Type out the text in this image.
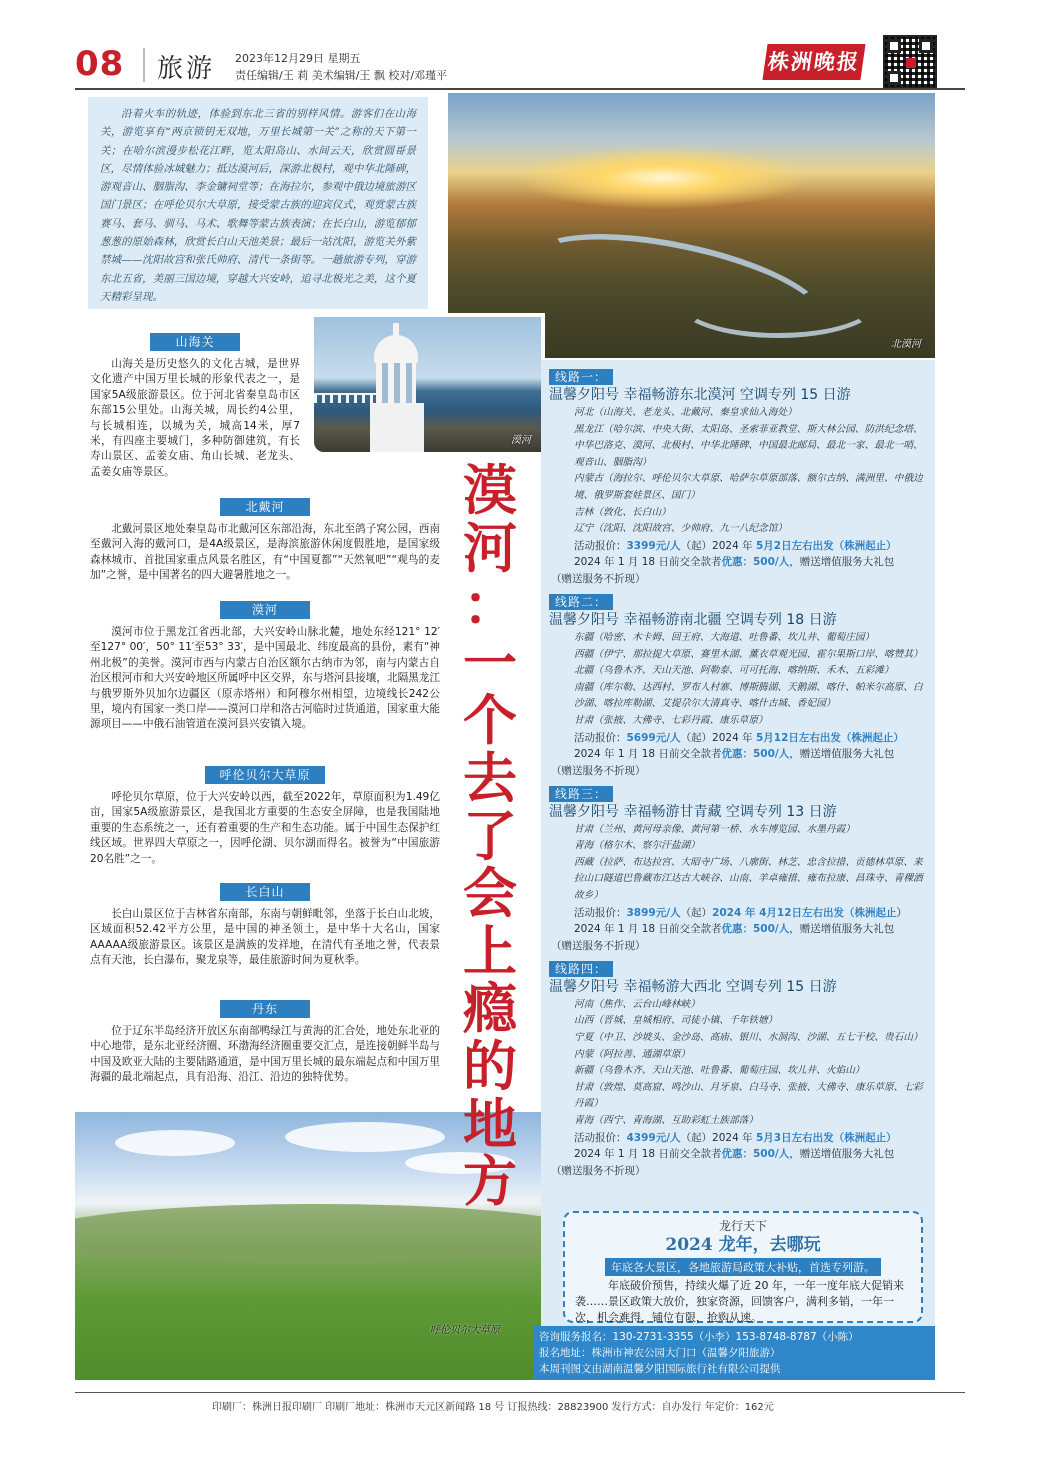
08 旅游 2023年12月29日 星期五
责任编辑/王 莉 美术编辑/王 飘 校对/邓瑾平
株洲晚报

沿着火车的轨迹，体验到东北三省的别样风情。游客们在山海关，游览享有“两京锁钥无双地，万里长城第一关”之称的天下第一关；在哈尔滨漫步松花江畔，览太阳岛山、水间云天，欣赏圆哥景区，尽情体验冰城魅力；抵达漠河后，深游北极村，观中华北陲碑，游观音山、胭脂沟、李金镛祠堂等；在海拉尔，参观中俄边境旅游区国门景区；在呼伦贝尔大草原，接受蒙古族的迎宾仪式，观赏蒙古族赛马、套马、驯马、马术、歌舞等蒙古族表演；在长白山，游览郁郁葱葱的原始森林，欣赏长白山天池美景；最后一站沈阳，游览关外紫禁城——沈阳故宫和张氏帅府、清代一条街等。一趟旅游专列，穿游东北五省，美丽三国边境，穿越大兴安岭，追寻北极光之美，这个夏天精彩呈现。

北漠河
漠河
山海关

山海关是历史悠久的文化古城，是世界文化遗产中国万里长城的形象代表之一，是国家5A级旅游景区。位于河北省秦皇岛市区东部15公里处。山海关城，周长约4公里，与长城相连，以城为关，城高14米，厚7米，有四座主要城门，多种防御建筑，有长寿山景区、孟姜女庙、角山长城、老龙头、孟姜女庙等景区。

北戴河

北戴河景区地处秦皇岛市北戴河区东部沿海，东北至鸽子窝公园，西南至戴河入海的戴河口，是4A级景区，是海滨旅游休闲度假胜地，是国家级森林城市、首批国家重点风景名胜区，有“中国夏都”“天然氧吧”“观鸟的麦加”之誉，是中国著名的四大避暑胜地之一。

漠河

漠河市位于黑龙江省西北部，大兴安岭山脉北麓，地处东经121° 12′至127° 00′，50° 11′至53° 33′，是中国最北、纬度最高的县份，素有“神州北极”的美誉。漠河市西与内蒙古自治区额尔古纳市为邻，南与内蒙古自治区根河市和大兴安岭地区所属呼中区交界，东与塔河县接壤，北隔黑龙江与俄罗斯外贝加尔边疆区（原赤塔州）和阿穆尔州相望，边境线长242公里，境内有国家一类口岸——漠河口岸和洛古河临时过货通道，国家重大能源项目——中俄石油管道在漠河县兴安镇入境。

呼伦贝尔大草原

呼伦贝尔草原，位于大兴安岭以西，截至2022年，草原面积为1.49亿亩，国家5A级旅游景区，是我国北方重要的生态安全屏障，也是我国陆地重要的生态系统之一，还有着重要的生产和生态功能。属于中国生态保护红线区域。世界四大草原之一，因呼伦湖、贝尔湖而得名。被誉为“中国旅游20名胜”之一。

长白山

长白山景区位于吉林省东南部，东南与朝鲜毗邻，坐落于长白山北坡，区域面积52.42平方公里，是中国的神圣领土，是中华十大名山，国家AAAAA级旅游景区。该景区是满族的发祥地，在清代有圣地之誉，代表景点有天池，长白瀑布，聚龙泉等，最佳旅游时间为夏秋季。

丹东

位于辽东半岛经济开放区东南部鸭绿江与黄海的汇合处，地处东北亚的中心地带，是东北亚经济圈、环渤海经济圈重要交汇点，是连接朝鲜半岛与中国及欧亚大陆的主要陆路通道，是中国万里长城的最东端起点和中国万里海疆的最北端起点，具有沿海、沿江、沿边的独特优势。

呼伦贝尔大草原
漠
河
：
一
个
去
了
会
上
瘾
的
地
方
线路一：
温馨夕阳号 幸福畅游东北漠河 空调专列 15 日游
河北（山海关、老龙头、北戴河、秦皇求仙入海处）
黑龙江（哈尔滨、中央大街、太阳岛、圣索菲亚教堂、斯大林公园、防洪纪念塔、中华巴洛克、漠河、北极村、中华北陲碑、中国最北邮局、最北一家、最北一哨、观音山、胭脂沟）
内蒙古（海拉尔、呼伦贝尔大草原、哈萨尔草原部落、额尔古纳、满洲里、中俄边境、俄罗斯套娃景区、国门）
吉林（敦化、长白山）
辽宁（沈阳、沈阳故宫、少帅府、九一八纪念馆）
活动报价：3399元/人（起）2024 年 5月2日左右出发（株洲起止）
2024 年 1 月 18 日前交全款者优惠：500/人，赠送增值服务大礼包
（赠送服务不折现）
线路二：
温馨夕阳号 幸福畅游南北疆 空调专列 18 日游
东疆（哈密、木卡姆、回王府、大海道、吐鲁番、坎儿井、葡萄庄园）
西疆（伊宁、那拉提大草原、赛里木湖、薰衣草观光园、霍尔果斯口岸、喀赞其）
北疆（乌鲁木齐、天山天池、阿勒泰、可可托海、喀纳斯、禾木、五彩滩）
南疆（库尔勒、达西村、罗布人村寨、博斯腾湖、天鹅湖、喀什、帕米尔高原、白沙湖、喀拉库勒湖、艾提尕尔大清真寺、喀什古城、香妃园）
甘肃（张掖、大佛寺、七彩丹霞、康乐草原）
活动报价：5699元/人（起）2024 年 5月12日左右出发（株洲起止）
2024 年 1 月 18 日前交全款者优惠：500/人，赠送增值服务大礼包
（赠送服务不折现）
线路三：
温馨夕阳号 幸福畅游甘青藏 空调专列 13 日游
甘肃（兰州、黄河母亲像、黄河第一桥、水车博览园、水墨丹霞）
青海（格尔木、察尔汗盐湖）
西藏（拉萨、布达拉宫、大昭寺广场、八廓街、林芝、忠含拉措、贡德林草原、来拉山口隧道巴鲁藏布江达古大峡谷、山南、羊卓雍措、雍布拉康、昌珠寺、青稞酒故乡）
活动报价：3899元/人（起）2024 年 4月12日左右出发（株洲起止）
2024 年 1 月 18 日前交全款者优惠：500/人，赠送增值服务大礼包
（赠送服务不折现）
线路四：
温馨夕阳号 幸福畅游大西北 空调专列 15 日游
河南（焦作、云台山峰林峡）
山西（晋城、皇城相府、司徒小镇、千年铁塘）
宁夏（中卫、沙坡头、金沙岛、高庙、银川、水洞沟、沙湖、五七干校、贵石山）
内蒙（阿拉善、通湖草原）
新疆（乌鲁木齐、天山天池、吐鲁番、葡萄庄园、坎儿井、火焰山）
甘肃（敦煌、莫高窟、鸣沙山、月牙泉、白马寺、张掖、大佛寺、康乐草原、七彩丹霞）
青海（西宁、青海湖、互助彩虹土族部落）
活动报价：4399元/人（起）2024 年 5月3日左右出发（株洲起止）
2024 年 1 月 18 日前交全款者优惠：500/人，赠送增值服务大礼包
（赠送服务不折现）
龙行天下
2024 龙年，去哪玩
年底各大景区，各地旅游局政策大补贴，首选专列游。
年底破价预售，持续火爆了近 20 年，一年一度年底大促销来袭……景区政策大放价，独家资源，回馈客户，满利多销，一年一次，机会难得，铺位有限，抢购从速。
咨询服务报名：130-2731-3355（小李）153-8748-8787（小陈）
报名地址：株洲市神农公园大门口（温馨夕阳旅游）
本周刊图文由湖南温馨夕阳国际旅行社有限公司提供
印刷厂：株洲日报印刷厂 印刷厂地址：株洲市天元区新闻路 18 号 订报热线：28823900 发行方式：自办发行 年定价：162元
